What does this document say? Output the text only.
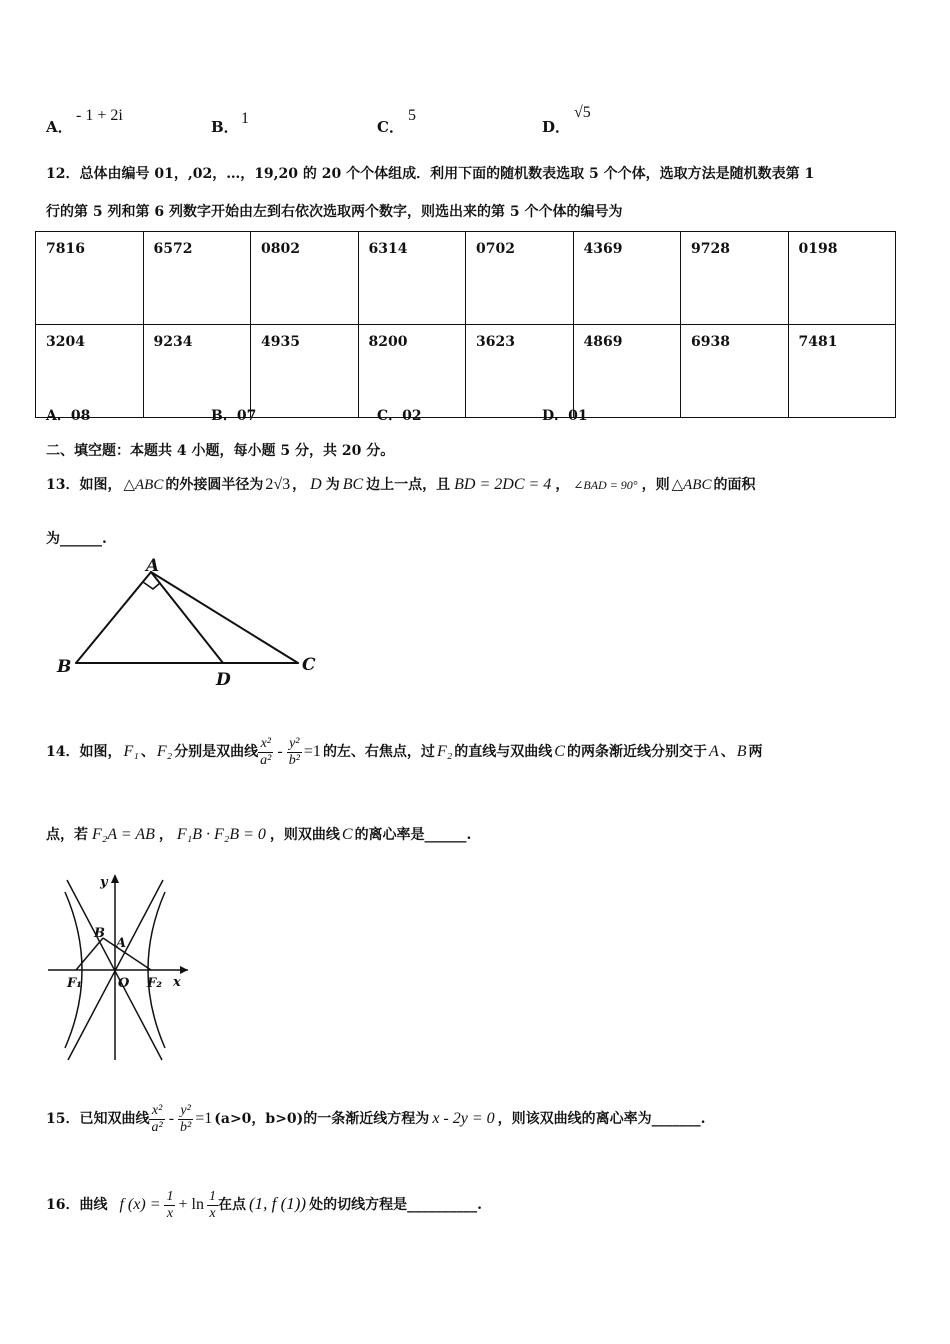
A．
- 1 + 2i
B． 1	C．
5
D．
√5
12．总体由编号 01，,02，…，19,20 的 20 个个体组成．利用下面的随机数表选取 5 个个体，选取方法是随机数表第 1
行的第 5 列和第 6 列数字开始由左到右依次选取两个数字，则选出来的第 5 个个体的编号为
7816	6572	0802	6314	0702	4369	9728	0198
3204	9234	4935	8200	3623	4869	6938	7481
A．08	B．07	C．02	D．01
二、填空题：本题共 4 小题，每小题 5 分，共 20 分。
13．如图， △ABC 的外接圆半径为 2√3 ， D 为 BC 边上一点，且 BD = 2DC = 4 ， ∠BAD = 90° ，则 △ABC 的面积
为______.
A
B	C
D
14．如图， F₁ 、 F₂ 分别是双曲线 $\frac{\text{x²}}{\text{a²}} - \frac{\text{y²}}{\text{b²}} =1$ 的左、右焦点，过 F₂ 的直线与双曲线 C 的两条渐近线分别交于 A 、 B 两
点，若 F₂A = AB ， F₁B · F₂B = 0 ，则双曲线 C 的离心率是______.
y
x
B
A
F₁	O F₂
15．已知双曲线 $\frac{\text{x²}}{\text{a²}} - \frac{\text{y²}}{\text{b²}} =1$ (a>0，b>0)的一条渐近线方程为 x - 2y = 0 ，则该双曲线的离心率为_______.
16．曲线 f $(x) = \frac{1}{x} + \ln \frac{1}{x}$ 在点 (1, f (1)) 处的切线方程是__________.
